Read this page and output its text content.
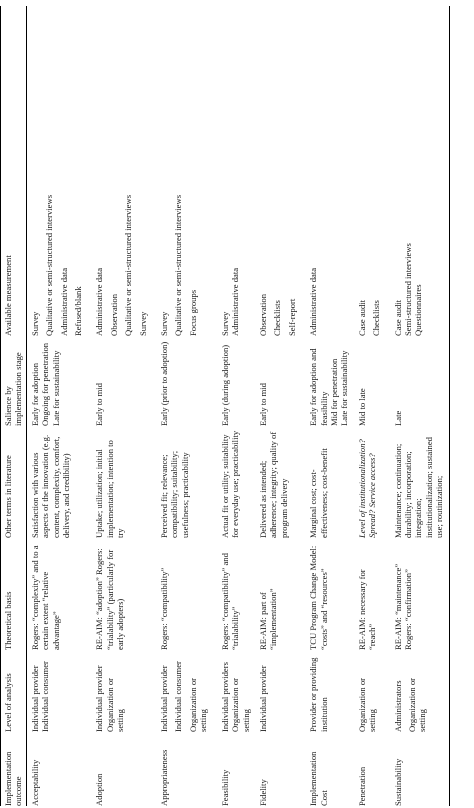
Implementation outcome	Level of analysis	Theoretical basis	Other terms in literature	Salience by implementation stage	Available measurement
Acceptability	Individual provider Individual consumer	Rogers: “complexity” and to a certain extent “relative advantage”	Satisfaction with various aspects of the innovation (e.g. content, complexity, comfort, delivery, and credibility)	Early for adoption Ongoing for penetration Late for sustainability	Survey Qualitative or semi-structured interviews Administrative data Refused/blank

Adoption	Individual provider Organization or setting	RE-AIM: “adoption” Rogers: “trialability” (particularly for early adopters)	Uptake; utilization; initial implementation; intention to try	Early to mid	Administrative data Observation Qualitative or semi-structured interviews Survey

Appropriateness	Individual provider Individual consumer Organization or setting	Rogers: “compatibility”	Perceived fit; relevance; compatibility; suitability; usefulness; practicability	Early (prior to adoption)	Survey Qualitative or semi-structured interviews Focus groups

Feasibility	Individual providers Organization or setting	Rogers: “compatibility” and “trialability”	Actual fit or utility; suitability for everyday use; practicability	Early (during adoption)	Survey Administrative data

Fidelity	Individual provider	RE-AIM: part of “implementation”	Delivered as intended; adherence; integrity; quality of program delivery	Early to mid	Observation Checklists Self-report

Implementation Cost	Provider or providing institution	TCU Program Change Model: “costs” and “resources”	Marginal cost; cost-effectiveness; cost-benefit	Early for adoption and feasibility Mid for penetration Late for sustainability	Administrative data

Penetration	Organization or setting	RE-AIM: necessary for “reach”	Level of institutionalization? Spread? Service access?	Mid to late	Case audit Checklists

Sustainability	Administrators Organization or setting	RE-AIM: “maintenance” Rogers: “confirmation”	Maintenance; continuation; durability; incorporation; integration; institutionalization; sustained use; routinization;	Late	Case audit Semi-structured interviews Questionnaires
